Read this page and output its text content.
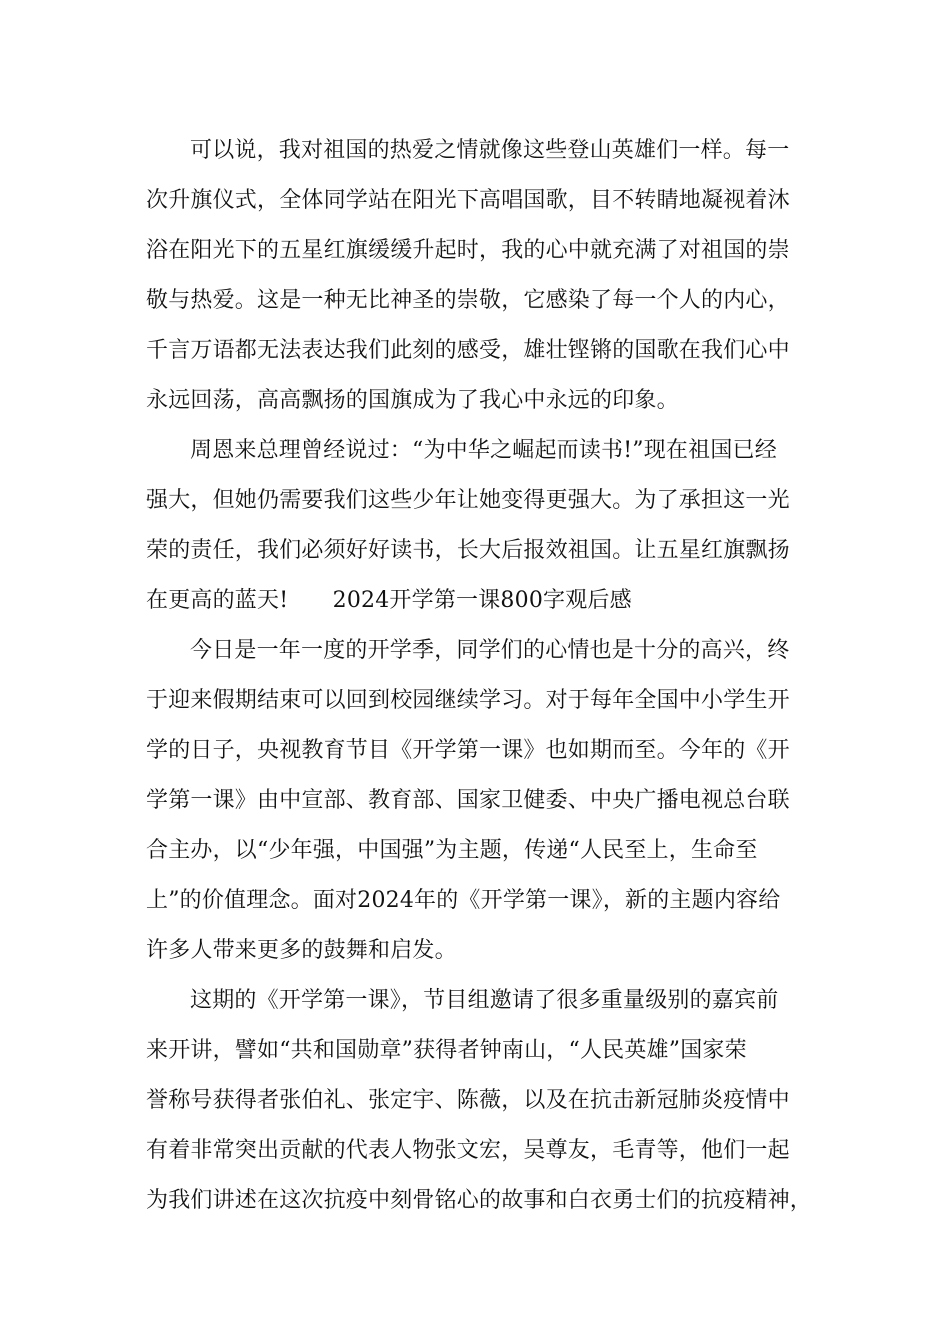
可以说，我对祖国的热爱之情就像这些登山英雄们一样。每一
次升旗仪式，全体同学站在阳光下高唱国歌，目不转睛地凝视着沐
浴在阳光下的五星红旗缓缓升起时，我的心中就充满了对祖国的崇
敬与热爱。这是一种无比神圣的崇敬，它感染了每一个人的内心，
千言万语都无法表达我们此刻的感受，雄壮铿锵的国歌在我们心中
永远回荡，高高飘扬的国旗成为了我心中永远的印象。
周恩来总理曾经说过：“为中华之崛起而读书!”现在祖国已经
强大，但她仍需要我们这些少年让她变得更强大。为了承担这一光
荣的责任，我们必须好好读书，长大后报效祖国。让五星红旗飘扬
在更高的蓝天!　　2024开学第一课800字观后感
今日是一年一度的开学季，同学们的心情也是十分的高兴，终
于迎来假期结束可以回到校园继续学习。对于每年全国中小学生开
学的日子，央视教育节目《开学第一课》也如期而至。今年的《开
学第一课》由中宣部、教育部、国家卫健委、中央广播电视总台联
合主办，以“少年强，中国强”为主题，传递“人民至上，生命至
上”的价值理念。面对2024年的《开学第一课》，新的主题内容给
许多人带来更多的鼓舞和启发。
这期的《开学第一课》，节目组邀请了很多重量级别的嘉宾前
来开讲，譬如“共和国勋章”获得者钟南山，“人民英雄”国家荣
誉称号获得者张伯礼、张定宇、陈薇，以及在抗击新冠肺炎疫情中
有着非常突出贡献的代表人物张文宏，吴尊友，毛青等，他们一起
为我们讲述在这次抗疫中刻骨铭心的故事和白衣勇士们的抗疫精神，
